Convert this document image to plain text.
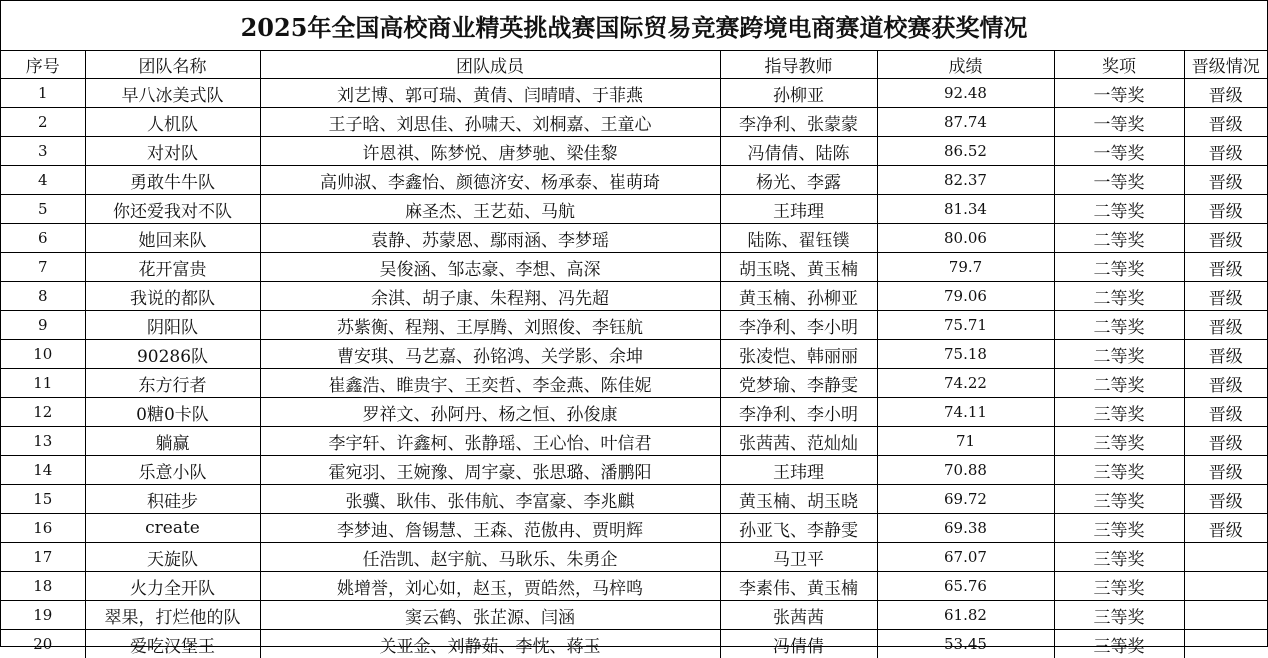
2025年全国高校商业精英挑战赛国际贸易竞赛跨境电商赛道校赛获奖情况
序号	团队名称	团队成员	指导教师	成绩	奖项	晋级情况
1	早八冰美式队	刘艺博、郭可瑞、黄倩、闫晴晴、于菲燕	孙柳亚	92.48	一等奖	晋级
2	人机队	王子晗、刘思佳、孙啸天、刘桐嘉、王童心	李净利、张蒙蒙	87.74	一等奖	晋级
3	对对队	许恩祺、陈梦悦、唐梦驰、梁佳黎	冯倩倩、陆陈	86.52	一等奖	晋级
4	勇敢牛牛队	高帅淑、李鑫怡、颜德济安、杨承泰、崔萌琦	杨光、李露	82.37	一等奖	晋级
5	你还爱我对不队	麻圣杰、王艺茹、马航	王玮理	81.34	二等奖	晋级
6	她回来队	袁静、苏蒙恩、鄢雨涵、李梦瑶	陆陈、翟钰镤	80.06	二等奖	晋级
7	花开富贵	吴俊涵、邹志豪、李想、高深	胡玉晓、黄玉楠	79.7	二等奖	晋级
8	我说的都队	余淇、胡子康、朱程翔、冯先超	黄玉楠、孙柳亚	79.06	二等奖	晋级
9	阴阳队	苏紫衡、程翔、王厚腾、刘照俊、李钰航	李净利、李小明	75.71	二等奖	晋级
10	90286队	曹安琪、马艺嘉、孙铭鸿、关学影、余坤	张凌恺、韩丽丽	75.18	二等奖	晋级
11	东方行者	崔鑫浩、睢贵宇、王奕哲、李金燕、陈佳妮	党梦瑜、李静雯	74.22	二等奖	晋级
12	0糖0卡队	罗祥文、孙阿丹、杨之恒、孙俊康	李净利、李小明	74.11	三等奖	晋级
13	躺赢	李宇轩、许鑫柯、张静瑶、王心怡、叶信君	张茜茜、范灿灿	71	三等奖	晋级
14	乐意小队	霍宛羽、王婉豫、周宇豪、张思璐、潘鹏阳	王玮理	70.88	三等奖	晋级
15	积硅步	张骥、耿伟、张伟航、李富豪、李兆麒	黄玉楠、胡玉晓	69.72	三等奖	晋级
16	create	李梦迪、詹锡慧、王森、范傲冉、贾明辉	孙亚飞、李静雯	69.38	三等奖	晋级
17	天旋队	任浩凯、赵宇航、马耿乐、朱勇企	马卫平	67.07	三等奖	
18	火力全开队	姚增誉，刘心如，赵玉，贾皓然，马梓鸣	李素伟、黄玉楠	65.76	三等奖	
19	翠果，打烂他的队	窦云鹤、张芷源、闫涵	张茜茜	61.82	三等奖	
20	爱吃汉堡王	关亚金、刘静茹、李忱、蒋玉	冯倩倩	53.45	三等奖	
